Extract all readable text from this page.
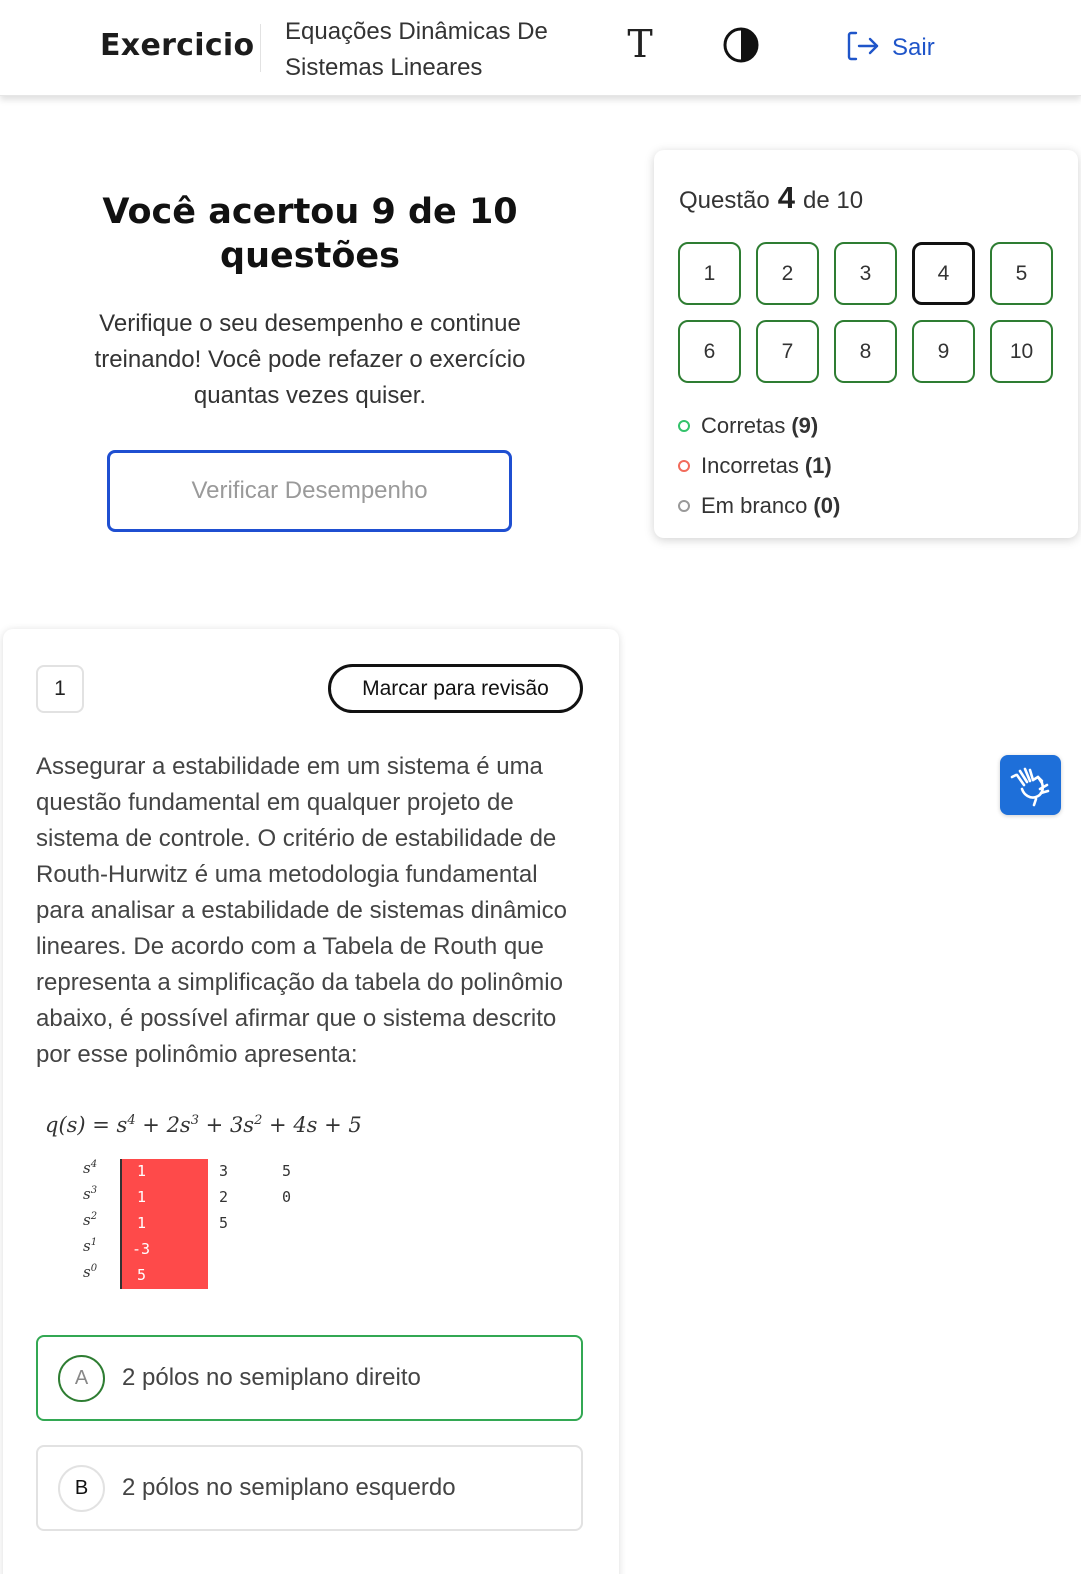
Exercicio Equações Dinâmicas De Sistemas Lineares
T	Sair
Você acertou 9 de 10 questões
Verifique o seu desempenho e continue treinando! Você pode refazer o exercício quantas vezes quiser.
Verificar Desempenho
Questão 4 de 10
1	2	3	4	5
6	7	8	9	10
Corretas (9)
Incorretas (1)
Em branco (0)
1	Marcar para revisão
Assegurar a estabilidade em um sistema é uma questão fundamental em qualquer projeto de sistema de controle. O critério de estabilidade de Routh-Hurwitz é uma metodologia fundamental para analisar a estabilidade de sistemas dinâmico lineares. De acordo com a Tabela de Routh que representa a simplificação da tabela do polinômio abaixo, é possível afirmar que o sistema descrito por esse polinômio apresenta:
$q(s) = s^4 + 2s^3 + 3s^2 + 4s + 5$
$s^4$	1	3	5
$s^3$	1	2	0
$s^2$	1	5
$s^1$ -3
$s^0$	5
A	2 pólos no semiplano direito
B	2 pólos no semiplano esquerdo
